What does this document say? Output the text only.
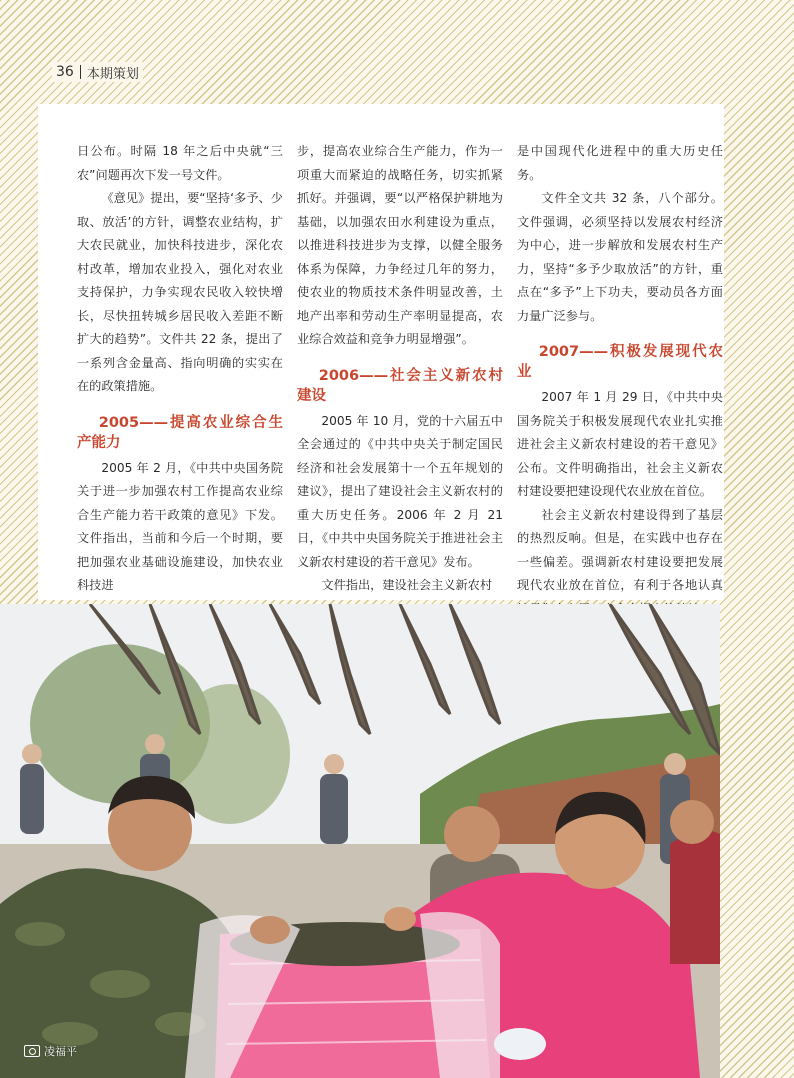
36 本期策划

日公布。时隔 18 年之后中央就“三农”问题再次下发一号文件。

《意见》提出，要“坚持‘多予、少取、放活’的方针，调整农业结构，扩大农民就业，加快科技进步，深化农村改革，增加农业投入，强化对农业支持保护，力争实现农民收入较快增长，尽快扭转城乡居民收入差距不断扩大的趋势”。文件共 22 条，提出了一系列含金量高、指向明确的实实在在的政策措施。

2005——提高农业综合生产能力

2005 年 2 月，《中共中央国务院关于进一步加强农村工作提高农业综合生产能力若干政策的意见》下发。文件指出，当前和今后一个时期，要把加强农业基础设施建设，加快农业科技进

步，提高农业综合生产能力，作为一项重大而紧迫的战略任务，切实抓紧抓好。并强调，要“以严格保护耕地为基础，以加强农田水利建设为重点，以推进科技进步为支撑，以健全服务体系为保障，力争经过几年的努力，使农业的物质技术条件明显改善，土地产出率和劳动生产率明显提高，农业综合效益和竞争力明显增强”。

2006——社会主义新农村建设

2005 年 10 月，党的十六届五中全会通过的《中共中央关于制定国民经济和社会发展第十一个五年规划的建议》，提出了建设社会主义新农村的重大历史任务。2006 年 2 月 21 日，《中共中央国务院关于推进社会主义新农村建设的若干意见》发布。

文件指出，建设社会主义新农村

是中国现代化进程中的重大历史任务。

文件全文共 32 条，八个部分。文件强调，必须坚持以发展农村经济为中心，进一步解放和发展农村生产力，坚持“多予少取放活”的方针，重点在“多予”上下功夫，要动员各方面力量广泛参与。

2007——积极发展现代农业

2007 年 1 月 29 日，《中共中央国务院关于积极发展现代农业扎实推进社会主义新农村建设的若干意见》公布。文件明确指出，社会主义新农村建设要把建设现代农业放在首位。

社会主义新农村建设得到了基层的热烈反响。但是，在实践中也存在一些偏差。强调新农村建设要把发展现代农业放在首位，有利于各地认真

凌福平
